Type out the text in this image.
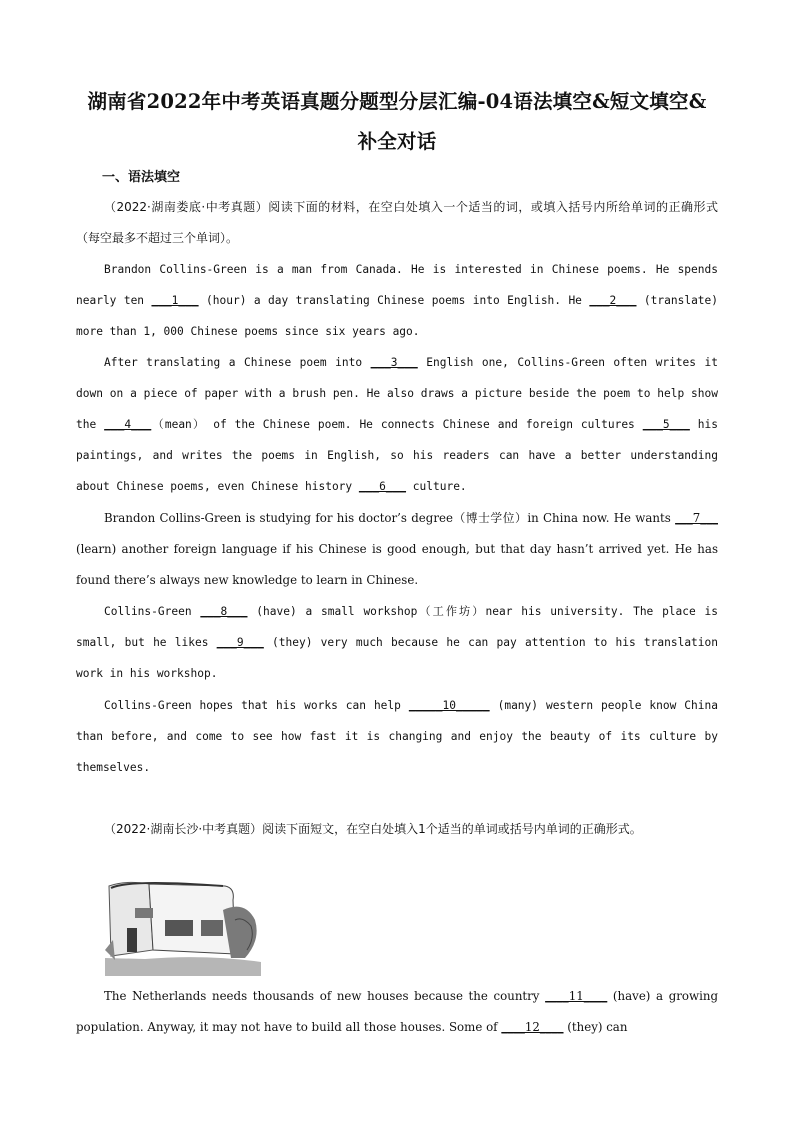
湖南省2022年中考英语真题分题型分层汇编-04语法填空&短文填空&
补全对话
一、语法填空
（2022·湖南娄底·中考真题）阅读下面的材料，在空白处填入一个适当的词，或填入括号内所给单词的正确形式（每空最多不超过三个单词）。
Brandon Collins-Green is a man from Canada. He is interested in Chinese poems. He spends nearly ten ___1___ (hour) a day translating Chinese poems into English. He ___2___ (translate) more than 1, 000 Chinese poems since six years ago.
After translating a Chinese poem into ___3___ English one, Collins-Green often writes it down on a piece of paper with a brush pen. He also draws a picture beside the poem to help show the ___4___（mean） of the Chinese poem. He connects Chinese and foreign cultures ___5___ his paintings, and writes the poems in English, so his readers can have a better understanding about Chinese poems, even Chinese history ___6___ culture.
Brandon Collins-Green is studying for his doctor’s degree（博士学位）in China now. He wants ___7___ (learn) another foreign language if his Chinese is good enough, but that day hasn’t arrived yet. He has found there’s always new knowledge to learn in Chinese.
Collins-Green ___8___ (have) a small workshop（工作坊）near his university. The place is small, but he likes ___9___ (they) very much because he can pay attention to his translation work in his workshop.
Collins-Green hopes that his works can help _____10_____ (many) western people know China than before, and come to see how fast it is changing and enjoy the beauty of its culture by themselves.
（2022·湖南长沙·中考真题）阅读下面短文，在空白处填入1个适当的单词或括号内单词的正确形式。
The Netherlands needs thousands of new houses because the country ____11____ (have) a growing population. Anyway, it may not have to build all those houses. Some of ____12____ (they) can
